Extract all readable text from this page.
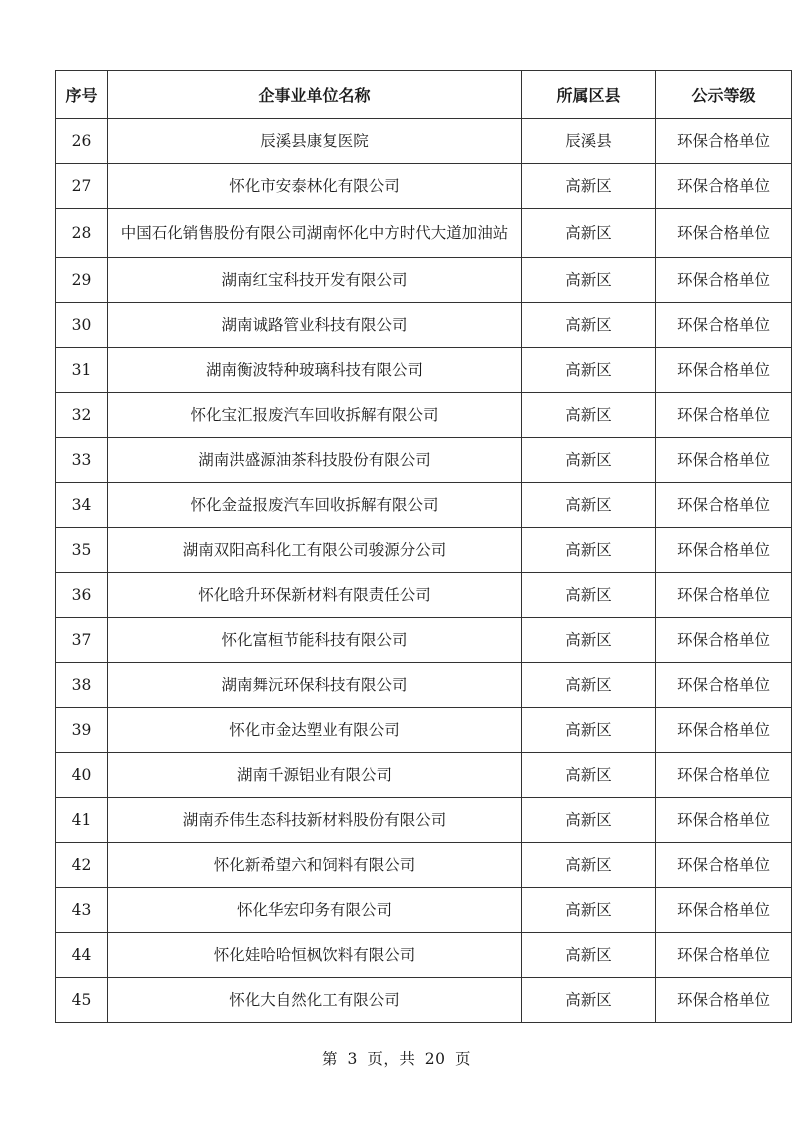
序号	企事业单位名称	所属区县	公示等级
26	辰溪县康复医院	辰溪县	环保合格单位
27	怀化市安泰林化有限公司	高新区	环保合格单位
28	中国石化销售股份有限公司湖南怀化中方时代大道加油站	高新区	环保合格单位
29	湖南红宝科技开发有限公司	高新区	环保合格单位
30	湖南诚路管业科技有限公司	高新区	环保合格单位
31	湖南衡波特种玻璃科技有限公司	高新区	环保合格单位
32	怀化宝汇报废汽车回收拆解有限公司	高新区	环保合格单位
33	湖南洪盛源油茶科技股份有限公司	高新区	环保合格单位
34	怀化金益报废汽车回收拆解有限公司	高新区	环保合格单位
35	湖南双阳高科化工有限公司骏源分公司	高新区	环保合格单位
36	怀化晗升环保新材料有限责任公司	高新区	环保合格单位
37	怀化富桓节能科技有限公司	高新区	环保合格单位
38	湖南舞沅环保科技有限公司	高新区	环保合格单位
39	怀化市金达塑业有限公司	高新区	环保合格单位
40	湖南千源铝业有限公司	高新区	环保合格单位
41	湖南乔伟生态科技新材料股份有限公司	高新区	环保合格单位
42	怀化新希望六和饲料有限公司	高新区	环保合格单位
43	怀化华宏印务有限公司	高新区	环保合格单位
44	怀化娃哈哈恒枫饮料有限公司	高新区	环保合格单位
45	怀化大自然化工有限公司	高新区	环保合格单位
第 3 页，共 20 页
